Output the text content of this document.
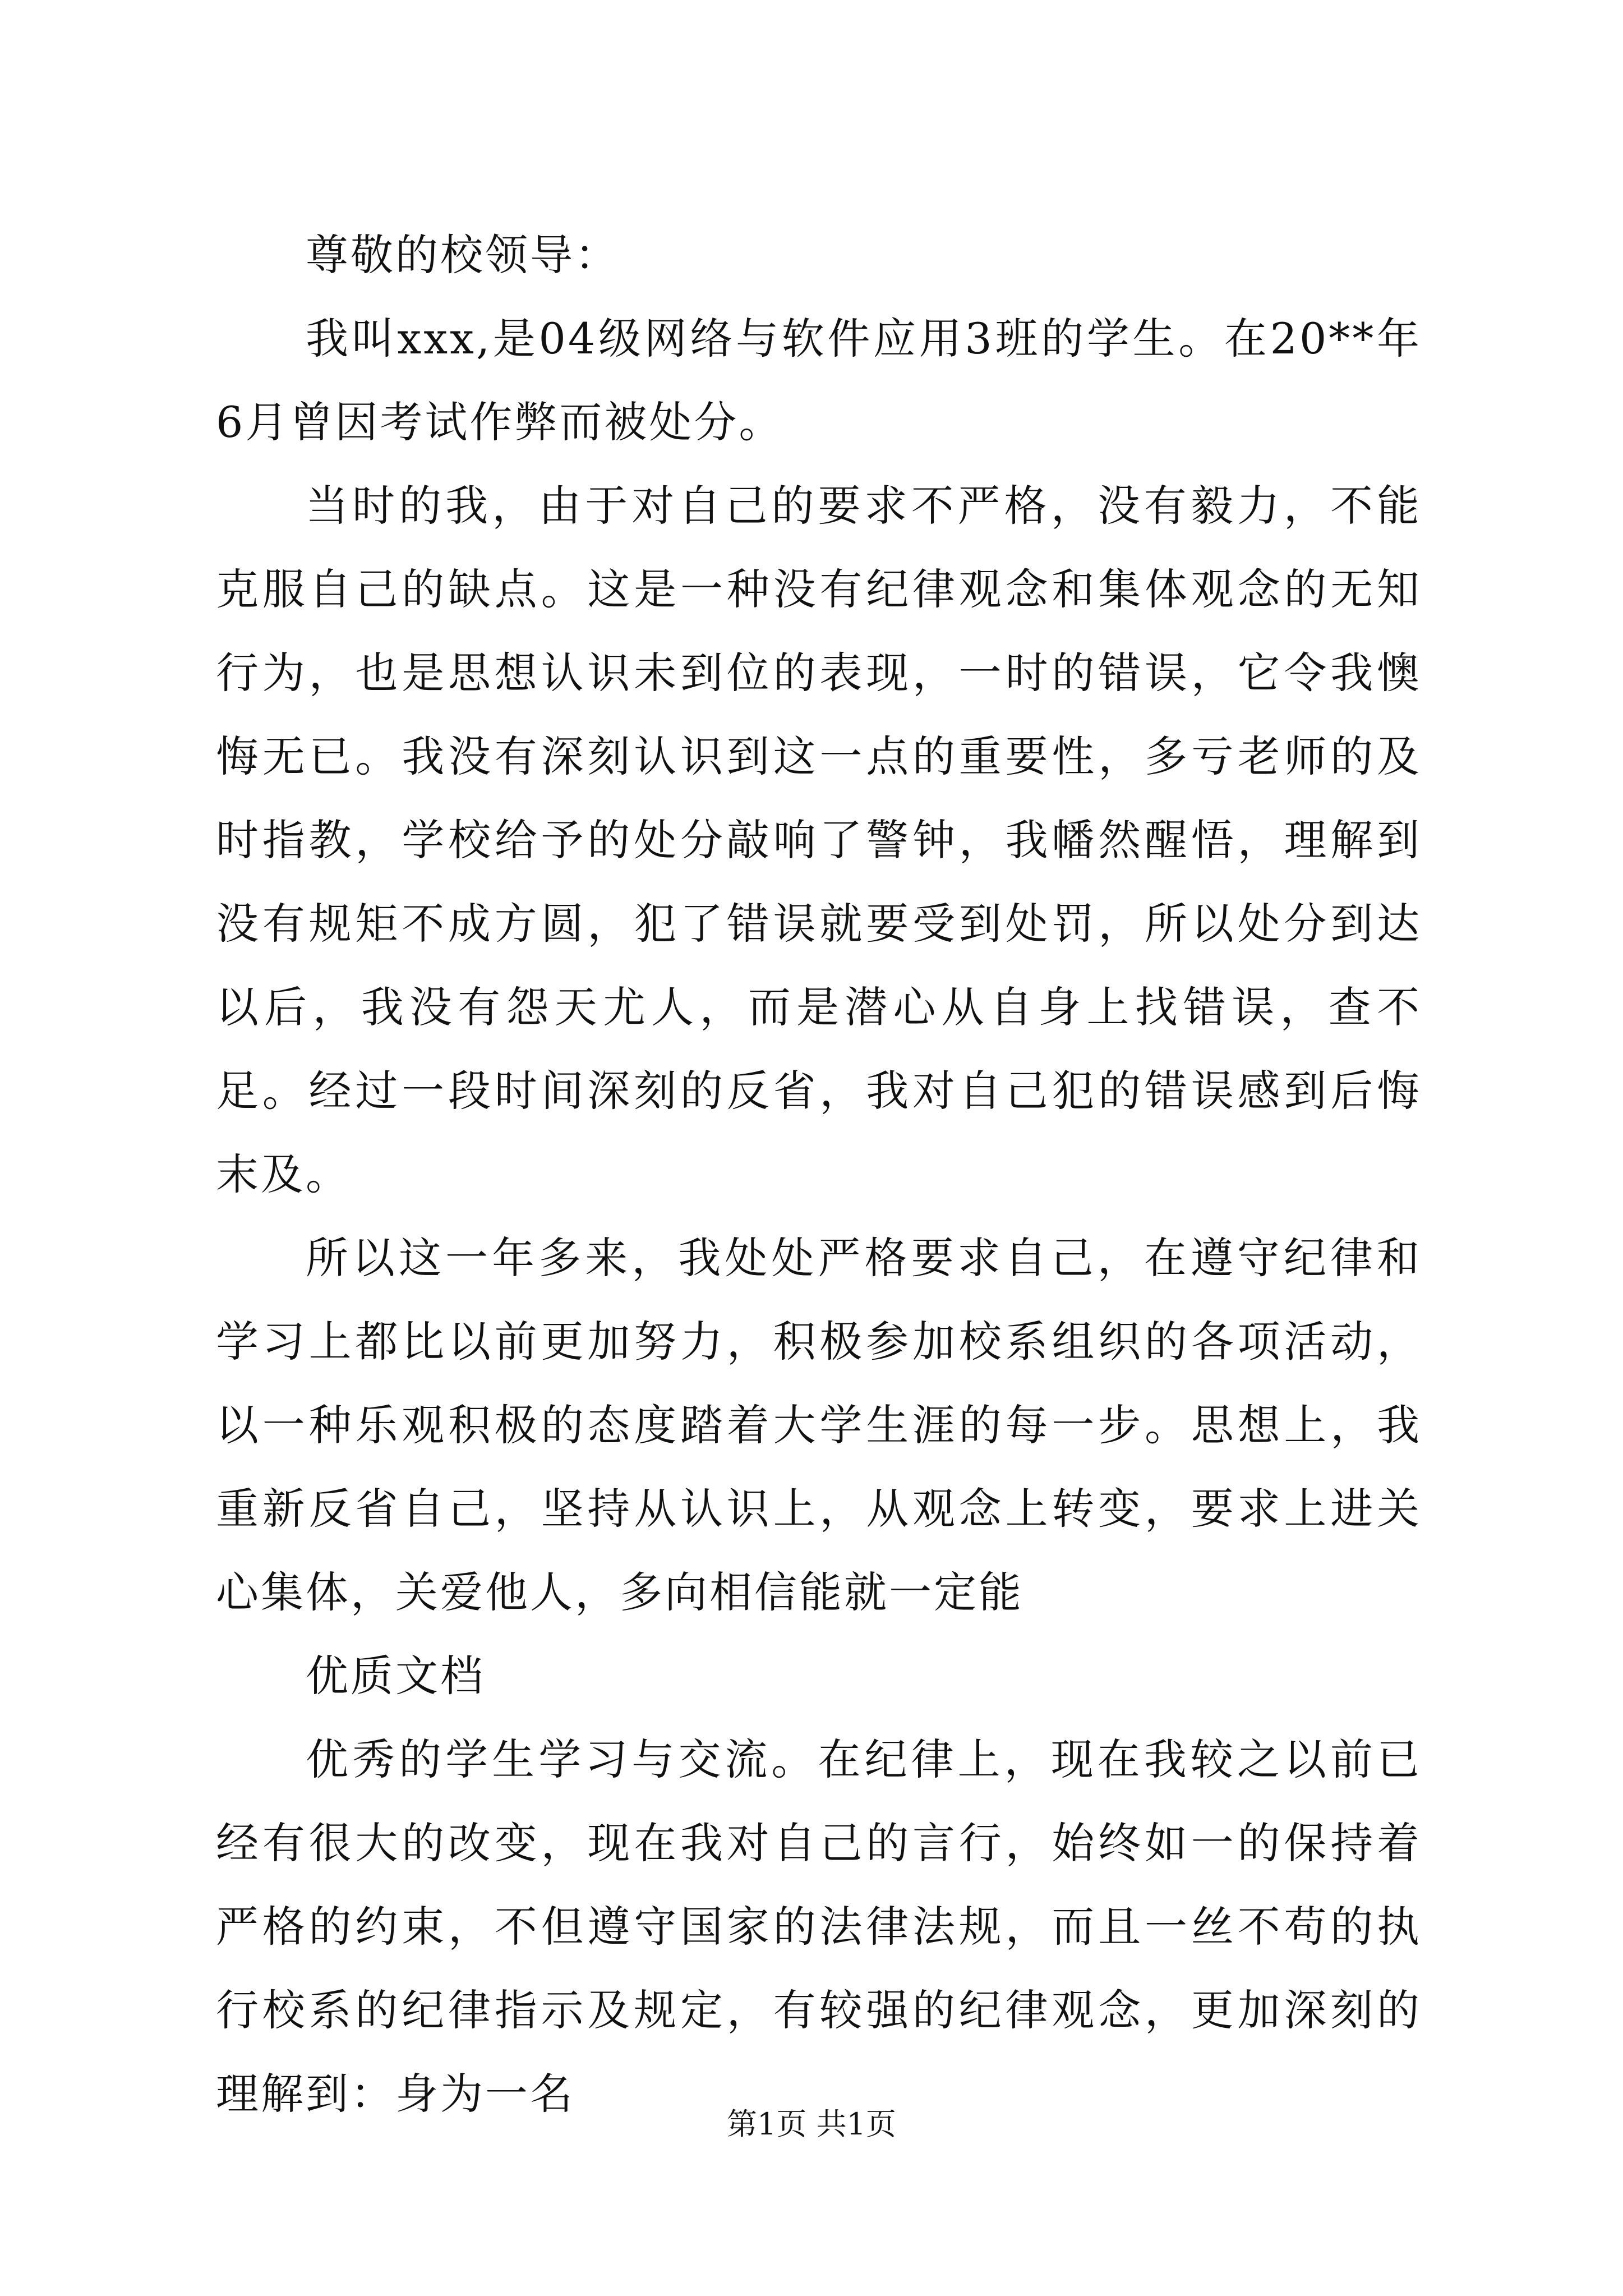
尊敬的校领导：

我叫xxx,是04级网络与软件应用3班的学生。在20**年6月曾因考试作弊而被处分。

当时的我，由于对自己的要求不严格，没有毅力，不能克服自己的缺点。这是一种没有纪律观念和集体观念的无知行为，也是思想认识未到位的表现，一时的错误，它令我懊悔无已。我没有深刻认识到这一点的重要性，多亏老师的及时指教，学校给予的处分敲响了警钟，我幡然醒悟，理解到没有规矩不成方圆，犯了错误就要受到处罚，所以处分到达以后，我没有怨天尤人，而是潜心从自身上找错误，查不足。经过一段时间深刻的反省，我对自己犯的错误感到后悔末及。

所以这一年多来，我处处严格要求自己，在遵守纪律和学习上都比以前更加努力，积极参加校系组织的各项活动，以一种乐观积极的态度踏着大学生涯的每一步。思想上，我重新反省自己，坚持从认识上，从观念上转变，要求上进关心集体，关爱他人，多向相信能就一定能

优质文档

优秀的学生学习与交流。在纪律上，现在我较之以前已经有很大的改变，现在我对自己的言行，始终如一的保持着严格的约束，不但遵守国家的法律法规，而且一丝不苟的执行校系的纪律指示及规定，有较强的纪律观念，更加深刻的理解到：身为一名

第1页 共1页
